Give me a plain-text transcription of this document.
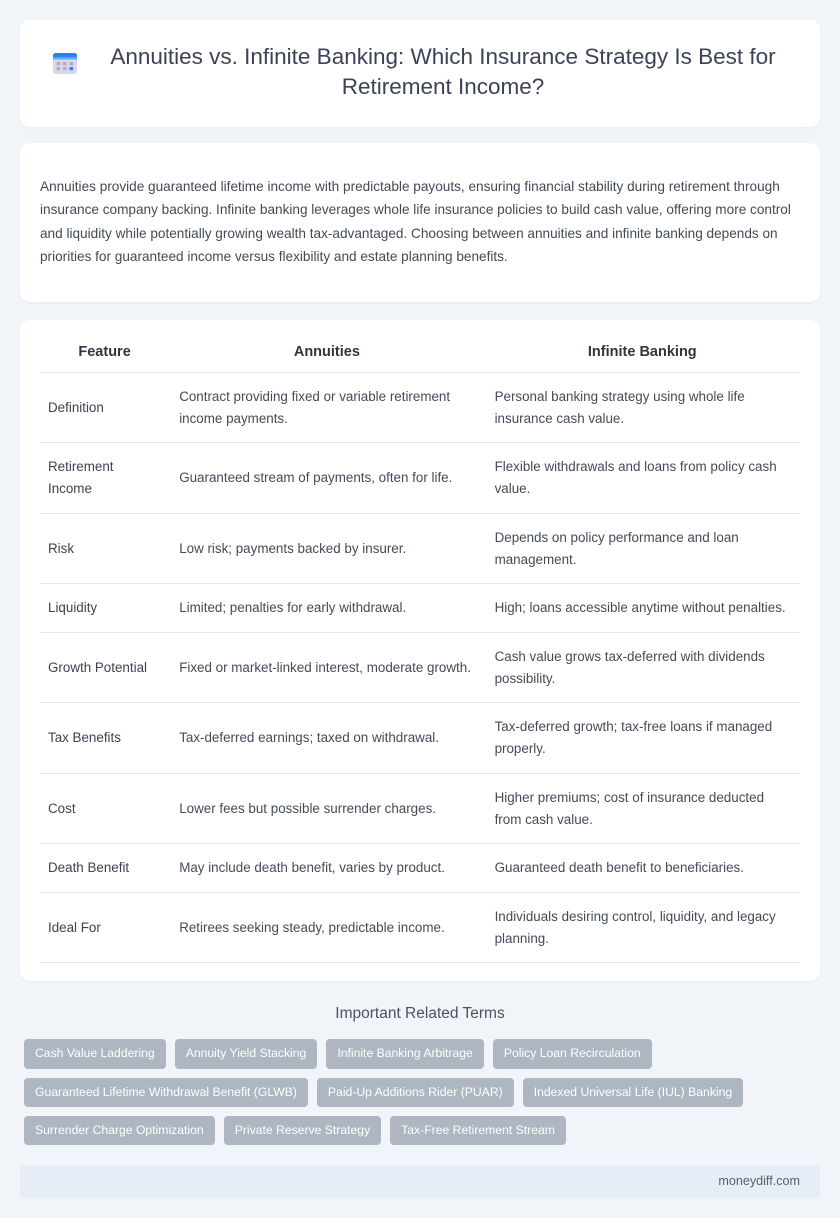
Annuities vs. Infinite Banking: Which Insurance Strategy Is Best for Retirement Income?

Annuities provide guaranteed lifetime income with predictable payouts, ensuring financial stability during retirement through insurance company backing. Infinite banking leverages whole life insurance policies to build cash value, offering more control and liquidity while potentially growing wealth tax-advantaged. Choosing between annuities and infinite banking depends on priorities for guaranteed income versus flexibility and estate planning benefits.

Feature	Annuities	Infinite Banking
Definition	Contract providing fixed or variable retirement income payments.	Personal banking strategy using whole life insurance cash value.
Retirement Income	Guaranteed stream of payments, often for life.	Flexible withdrawals and loans from policy cash value.
Risk	Low risk; payments backed by insurer.	Depends on policy performance and loan management.
Liquidity	Limited; penalties for early withdrawal.	High; loans accessible anytime without penalties.
Growth Potential	Fixed or market-linked interest, moderate growth.	Cash value grows tax-deferred with dividends possibility.
Tax Benefits	Tax-deferred earnings; taxed on withdrawal.	Tax-deferred growth; tax-free loans if managed properly.
Cost	Lower fees but possible surrender charges.	Higher premiums; cost of insurance deducted from cash value.
Death Benefit	May include death benefit, varies by product.	Guaranteed death benefit to beneficiaries.
Ideal For	Retirees seeking steady, predictable income.	Individuals desiring control, liquidity, and legacy planning.
Important Related Terms
Cash Value Laddering	Annuity Yield Stacking	Infinite Banking Arbitrage	Policy Loan Recirculation
Guaranteed Lifetime Withdrawal Benefit (GLWB)	Paid-Up Additions Rider (PUAR)	Indexed Universal Life (IUL) Banking
Surrender Charge Optimization	Private Reserve Strategy	Tax-Free Retirement Stream
moneydiff.com
